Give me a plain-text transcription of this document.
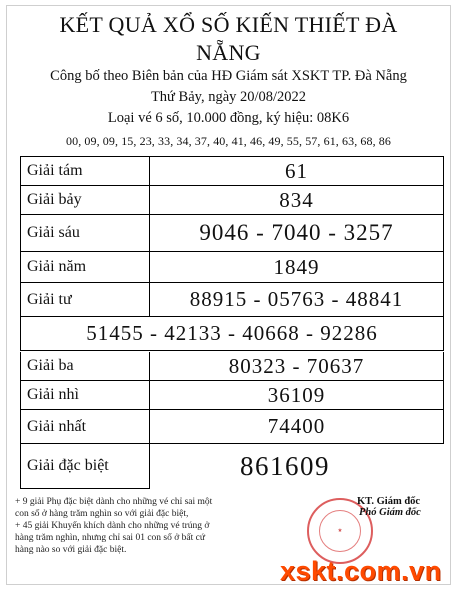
KẾT QUẢ XỔ SỐ KIẾN THIẾT ĐÀ
NẴNG
Công bố theo Biên bản của HĐ Giám sát XSKT TP. Đà Nẵng
Thứ Bảy, ngày 20/08/2022
Loại vé 6 số, 10.000 đồng, ký hiệu: 08K6
00, 09, 09, 15, 23, 33, 34, 37, 40, 41, 46, 49, 55, 57, 61, 63, 68, 86
Giải tám	61
Giải bảy	834
Giải sáu	9046 - 7040 - 3257
Giải năm	1849
Giải tư	88915 - 05763 - 48841
51455 - 42133 - 40668 - 92286
Giải ba	80323 - 70637
Giải nhì	36109
Giải nhất	74400
Giải đặc biệt	861609
+ 9 giải Phụ đặc biệt dành cho những vé chỉ sai một con số ở hàng trăm nghìn so với giải đặc biệt,
+ 45 giải Khuyến khích dành cho những vé trúng ở hàng trăm nghìn, nhưng chỉ sai 01 con số ở bất cứ hàng nào so với giải đặc biệt.
★
KT. Giám đốc
Phó Giám đốc
xskt.com.vn
